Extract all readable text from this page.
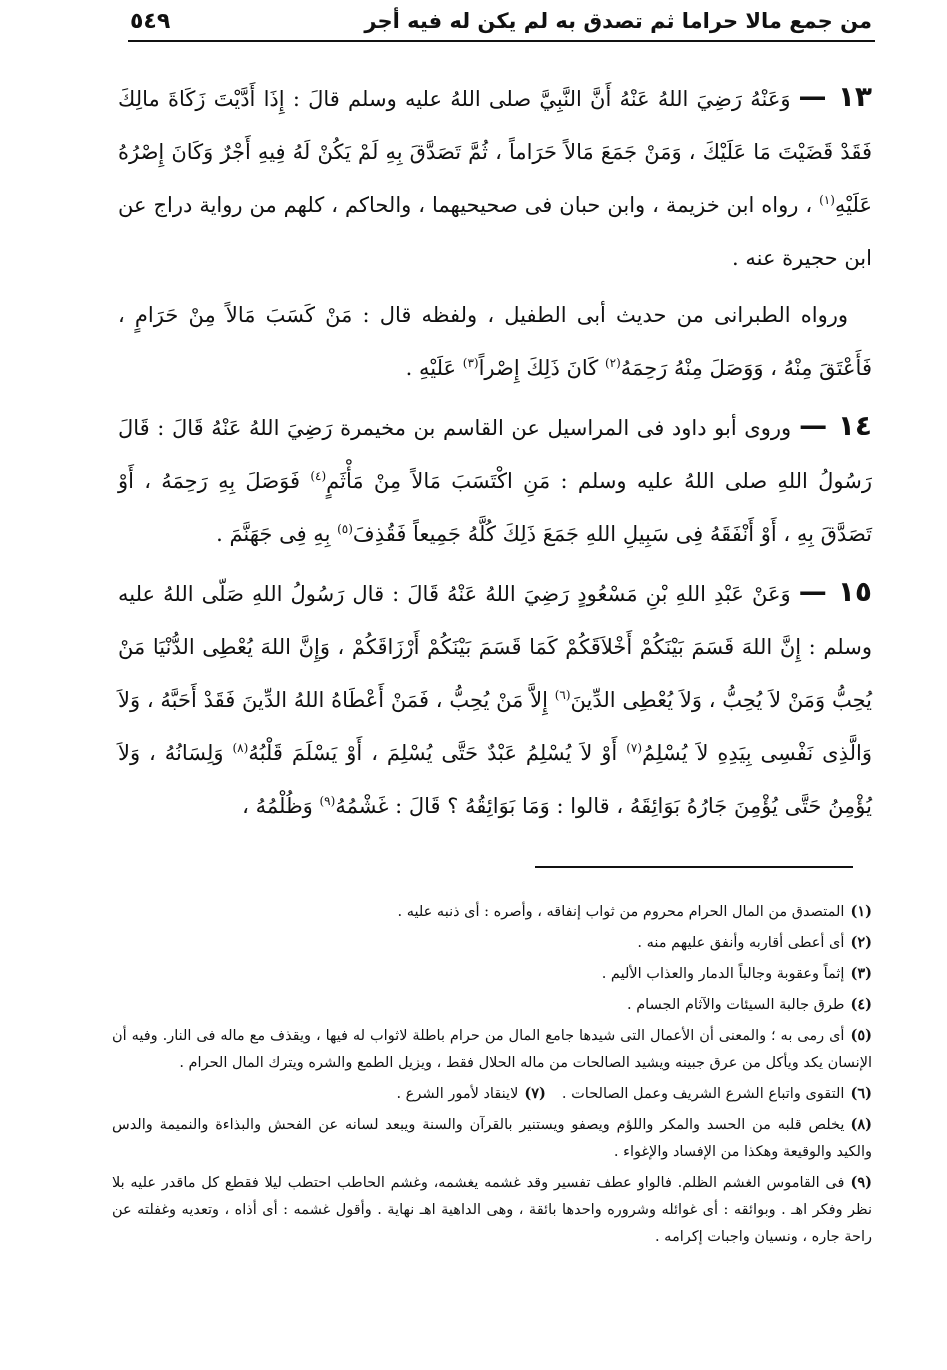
من جمع مالا حراما ثم تصدق به لم يكن له فيه أجر
٥٤٩

١٣ —وَعَنْهُ رَضِيَ اللهُ عَنْهُ أَنَّ النَّبِيَّ صلى اللهُ عليه وسلم قالَ : إِذَا أَدَّيْتَ زَكَاةَ مالِكَ فَقَدْ قَضَيْتَ مَا عَلَيْكَ ، وَمَنْ جَمَعَ مَالاً حَرَاماً ، ثُمَّ تَصَدَّقَ بِهِ لَمْ يَكُنْ لَهُ فِيهِ أَجْرٌ وَكَانَ إِصْرُهُ عَلَيْهِ$^{(١)}$ ، رواه ابن خزيمة ، وابن حبان فى صحيحيهما ، والحاكم ، كلهم من رواية دراج عن ابن حجيرة عنه .

ورواه الطبرانى من حديث أبى الطفيل ، ولفظه قال : مَنْ كَسَبَ مَالاً مِنْ حَرَامٍ ، فَأَعْتَقَ مِنْهُ ، وَوَصَلَ مِنْهُ رَحِمَهُ$^{(٢)}$ كَانَ ذَلِكَ إِصْراً$^{(٣)}$ عَلَيْهِ .

١٤ —وروى أبو داود فى المراسيل عن القاسم بن مخيمرة رَضِيَ اللهُ عَنْهُ قَالَ : قَالَ رَسُولُ اللهِ صلى اللهُ عليه وسلم : مَنِ اكْتَسَبَ مَالاً مِنْ مَأْثَمٍ$^{(٤)}$ فَوَصَلَ بِهِ رَحِمَهُ ، أَوْ تَصَدَّقَ بِهِ ، أَوْ أَنْفَقَهُ فِى سَبِيلِ اللهِ جَمَعَ ذَلِكَ كُلَّهُ جَمِيعاً فَقُذِفَ$^{(٥)}$ بِهِ فِى جَهَنَّمَ .

١٥ —وَعَنْ عَبْدِ اللهِ بْنِ مَسْعُودٍ رَضِيَ اللهُ عَنْهُ قَالَ : قال رَسُولُ اللهِ صَلّى اللهُ عليه وسلم : إِنَّ اللهَ قَسَمَ بَيْنَكُمْ أَخْلاَقَكُمْ كَمَا قَسَمَ بَيْنَكُمْ أَرْزَاقَكُمْ ، وَإِنَّ اللهَ يُعْطِى الدُّنْيَا مَنْ يُحِبُّ وَمَنْ لاَ يُحِبُّ ، وَلاَ يُعْطِى الدِّينَ$^{(٦)}$ إِلاَّ مَنْ يُحِبُّ ، فَمَنْ أَعْطَاهُ اللهُ الدِّينَ فَقَدْ أَحَبَّهُ ، وَلاَ وَالَّذِى نَفْسِى بِيَدِهِ لاَ يُسْلِمُ$^{(٧)}$ أَوْ لاَ يُسْلِمُ عَبْدٌ حَتَّى يُسْلِمَ ، أَوْ يَسْلَمَ قَلْبُهُ$^{(٨)}$ وَلِسَانُهُ ، وَلاَ يُؤْمِنُ حَتَّى يُؤْمِنَ جَارُهُ بَوَائِقَهُ ، قالوا : وَمَا بَوَائِقُهُ ؟ قَالَ : غَشْمُهُ$^{(٩)}$ وَظُلْمُهُ ،

(١)المتصدق من المال الحرام محروم من ثواب إنفاقه ، وأصره : أى ذنبه عليه .

(٢)أى أعطى أقاربه وأنفق عليهم منه .

(٣)إثماً وعقوبة وجالباً الدمار والعذاب الأليم .

(٤)طرق جالبة السيئات والآثام الجسام .

(٥)أى رمى به ؛ والمعنى أن الأعمال التى شيدها جامع المال من حرام باطلة لاثواب له فيها ، ويقذف مع ماله فى النار. وفيه أن الإنسان يكد ويأكل من عرق جبينه ويشيد الصالحات من ماله الحلال فقط ، ويزيل الطمع والشره ويترك المال الحرام .

(٦)التقوى واتباع الشرع الشريف وعمل الصالحات .(٧)لاينقاد لأمور الشرع .

(٨)يخلص قلبه من الحسد والمكر واللؤم ويصفو ويستنير بالقرآن والسنة ويبعد لسانه عن الفحش والبذاءة والنميمة والدس والكيد والوقيعة وهكذا من الإفساد والإغواء .

(٩)فى القاموس الغشم الظلم. فالواو عطف تفسير وقد غشمه يغشمه، وغشم الحاطب احتطب ليلا فقطع كل ماقدر عليه بلا نظر وفكر اهـ . وبوائقه : أى غوائله وشروره واحدها بائقة ، وهى الداهية اهـ نهاية . وأقول غشمه : أى أذاه ، وتعديه وغفلته عن راحة جاره ، ونسيان واجبات إكرامه .
